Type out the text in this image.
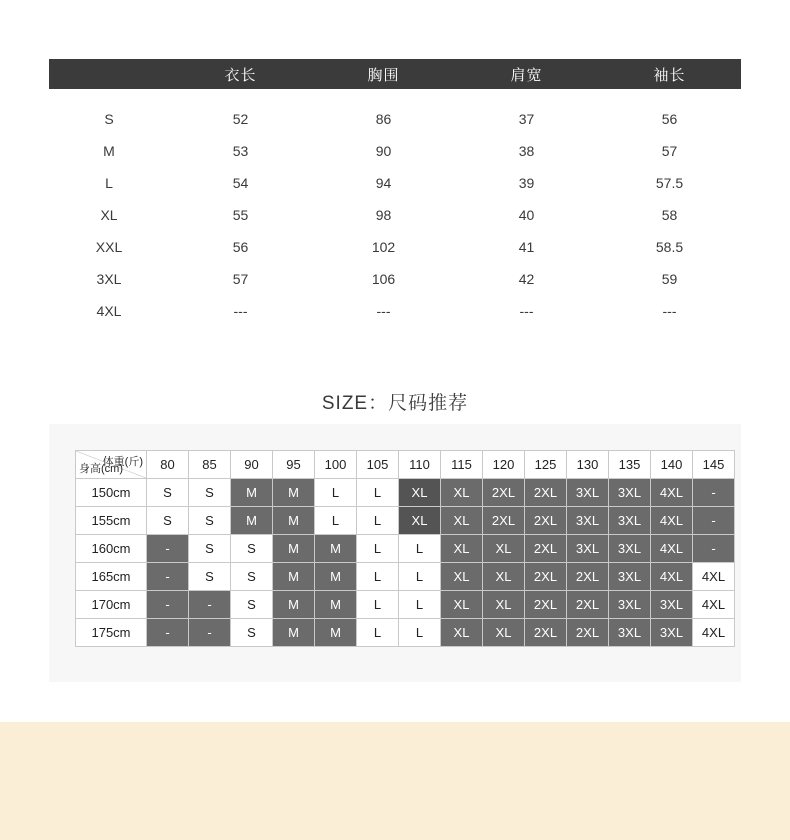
	衣长	胸围	肩宽	袖长

S	52	86	37	56
M	53	90	38	57
L	54	94	39	57.5
XL	55	98	40	58
XXL	56	102	41	58.5
3XL	57	106	42	59
4XL	---	---	---	---
SIZE：尺码推荐
体重(斤)
身高(cm)	80	85	90	95	100	105	110	115	120	125	130	135	140	145
150cm	S	S	M	M	L	L	XL	XL	2XL	2XL	3XL	3XL	4XL	-
155cm	S	S	M	M	L	L	XL	XL	2XL	2XL	3XL	3XL	4XL	-
160cm	-	S	S	M	M	L	L	XL	XL	2XL	3XL	3XL	4XL	-
165cm	-	S	S	M	M	L	L	XL	XL	2XL	2XL	3XL	4XL	4XL
170cm	-	-	S	M	M	L	L	XL	XL	2XL	2XL	3XL	3XL	4XL
175cm	-	-	S	M	M	L	L	XL	XL	2XL	2XL	3XL	3XL	4XL
